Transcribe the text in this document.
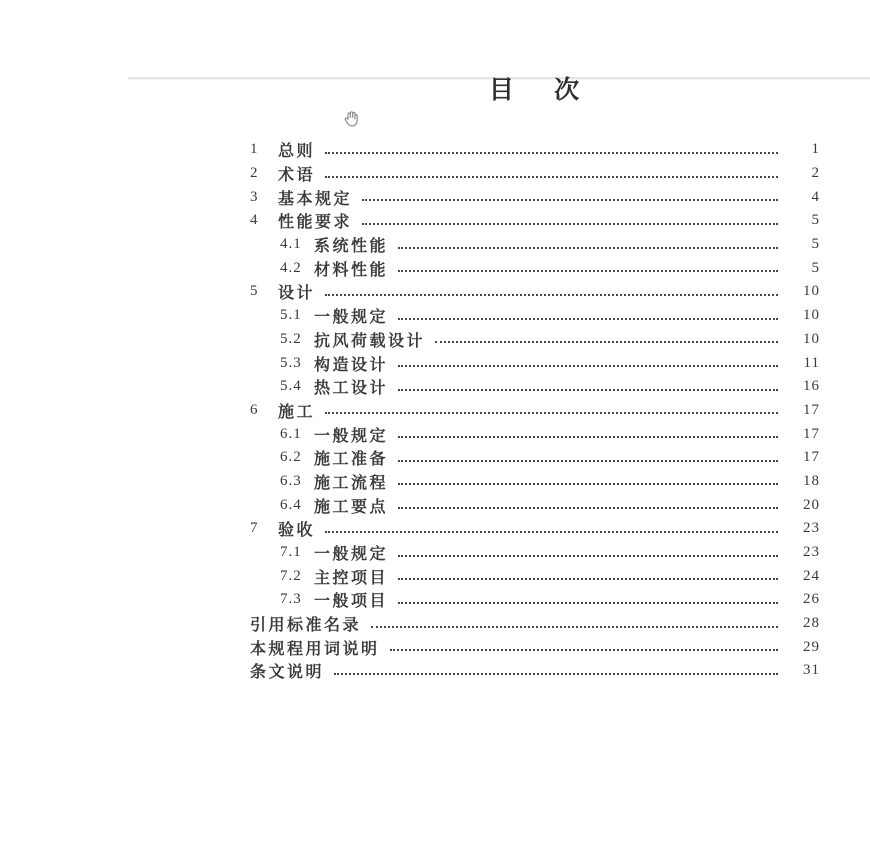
目 次
1	总则	1
2	术语	2
3	基本规定	4
4	性能要求	5
4.1 系统性能	5
4.2 材料性能	5
5	设计	10
5.1 一般规定	10
5.2 抗风荷载设计	10
5.3 构造设计	11
5.4 热工设计	16
6	施工	17
6.1 一般规定	17
6.2 施工准备	17
6.3 施工流程	18
6.4 施工要点	20
7	验收	23
7.1 一般规定	23
7.2 主控项目	24
7.3 一般项目	26
引用标准名录	28
本规程用词说明	29
条文说明	31
